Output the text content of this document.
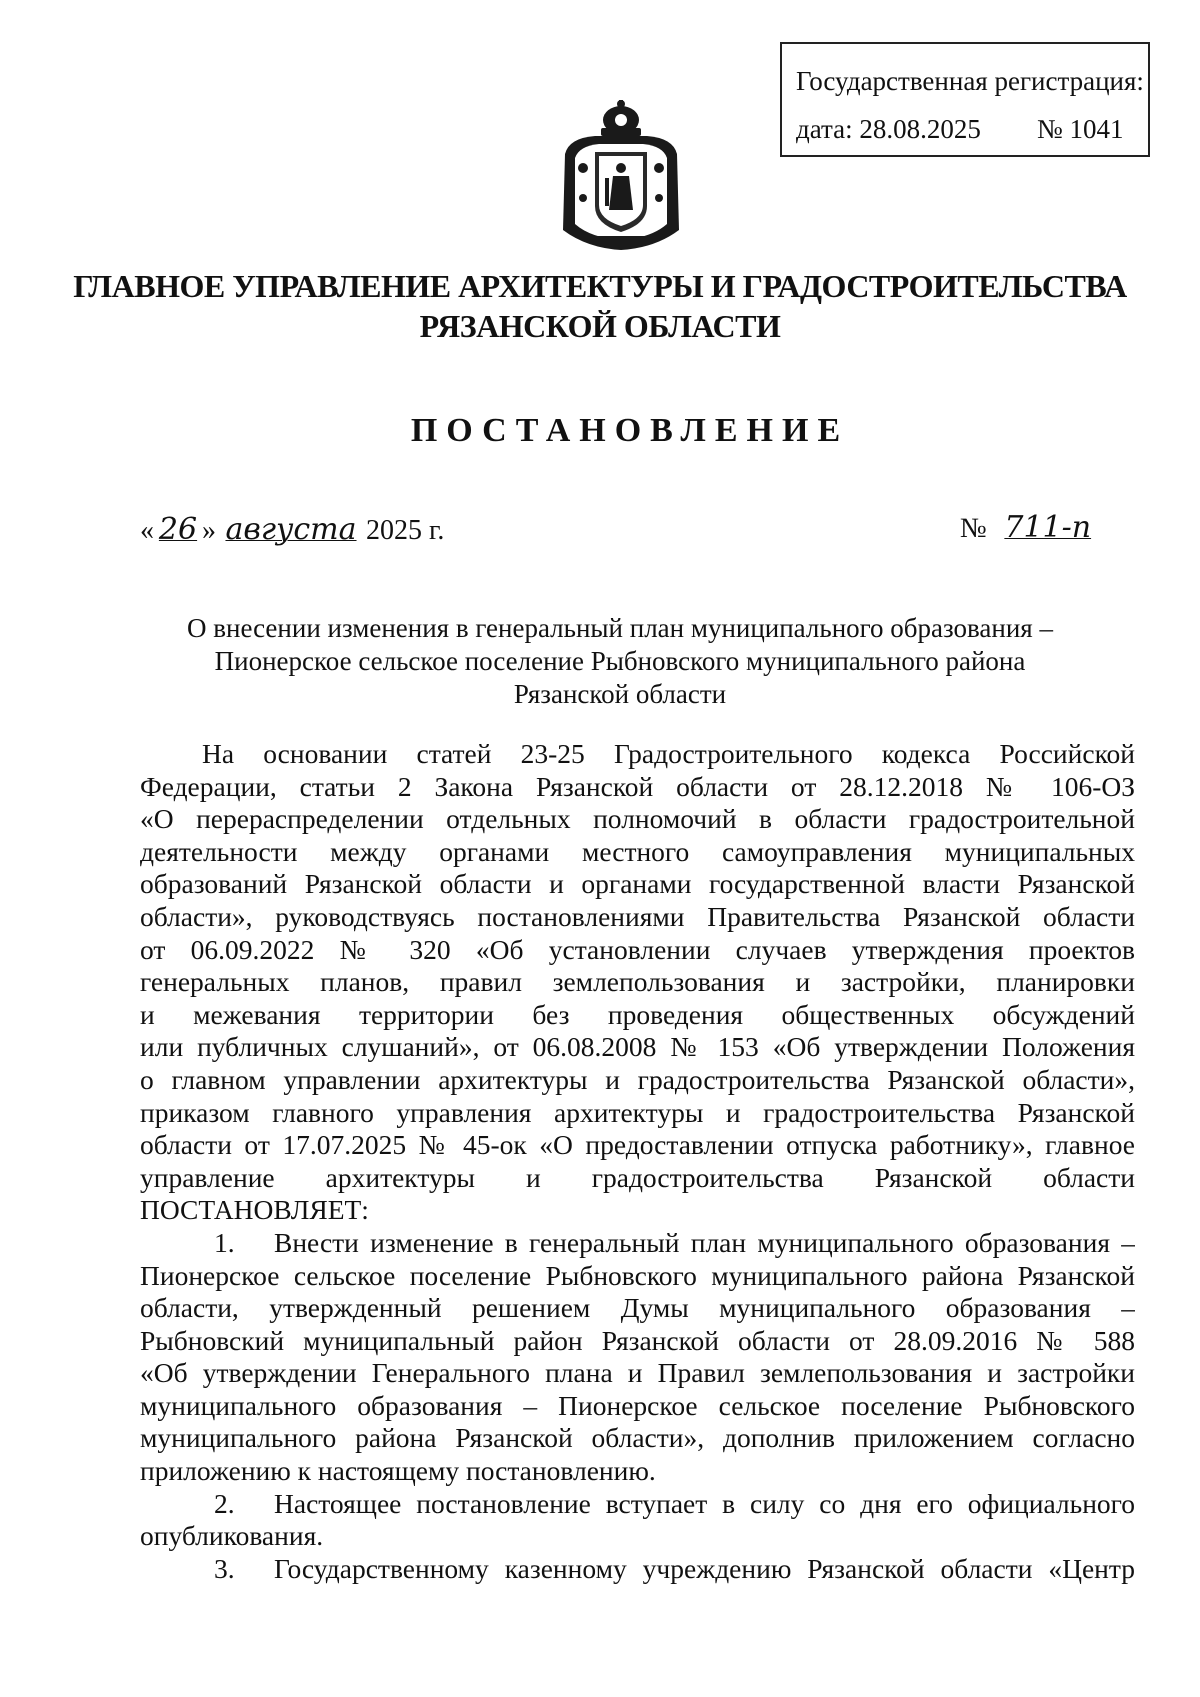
Государственная регистрация:
дата: 28.08.2025 № 1041
ГЛАВНОЕ УПРАВЛЕНИЕ АРХИТЕКТУРЫ И ГРАДОСТРОИТЕЛЬСТВА
РЯЗАНСКОЙ ОБЛАСТИ
ПОСТАНОВЛЕНИЕ
« 26 » августа 2025 г.	№ 711-п
О внесении изменения в генеральный план муниципального образования –
Пионерское сельское поселение Рыбновского муниципального района
Рязанской области
На основании статей 23-25 Градостроительного кодекса Российской
Федерации, статьи 2 Закона Рязанской области от 28.12.2018 № 106-ОЗ
«О перераспределении отдельных полномочий в области градостроительной
деятельности между органами местного самоуправления муниципальных
образований Рязанской области и органами государственной власти Рязанской
области», руководствуясь постановлениями Правительства Рязанской области
от 06.09.2022 № 320 «Об установлении случаев утверждения проектов
генеральных планов, правил землепользования и застройки, планировки
и межевания территории без проведения общественных обсуждений
или публичных слушаний», от 06.08.2008 № 153 «Об утверждении Положения
о главном управлении архитектуры и градостроительства Рязанской области»,
приказом главного управления архитектуры и градостроительства Рязанской
области от 17.07.2025 № 45-ок «О предоставлении отпуска работнику», главное
управление архитектуры и градостроительства Рязанской области
ПОСТАНОВЛЯЕТ:
1. Внести изменение в генеральный план муниципального образования –
Пионерское сельское поселение Рыбновского муниципального района Рязанской
области, утвержденный решением Думы муниципального образования –
Рыбновский муниципальный район Рязанской области от 28.09.2016 № 588
«Об утверждении Генерального плана и Правил землепользования и застройки
муниципального образования – Пионерское сельское поселение Рыбновского
муниципального района Рязанской области», дополнив приложением согласно
приложению к настоящему постановлению.
2. Настоящее постановление вступает в силу со дня его официального
опубликования.
3. Государственному казенному учреждению Рязанской области «Центр
